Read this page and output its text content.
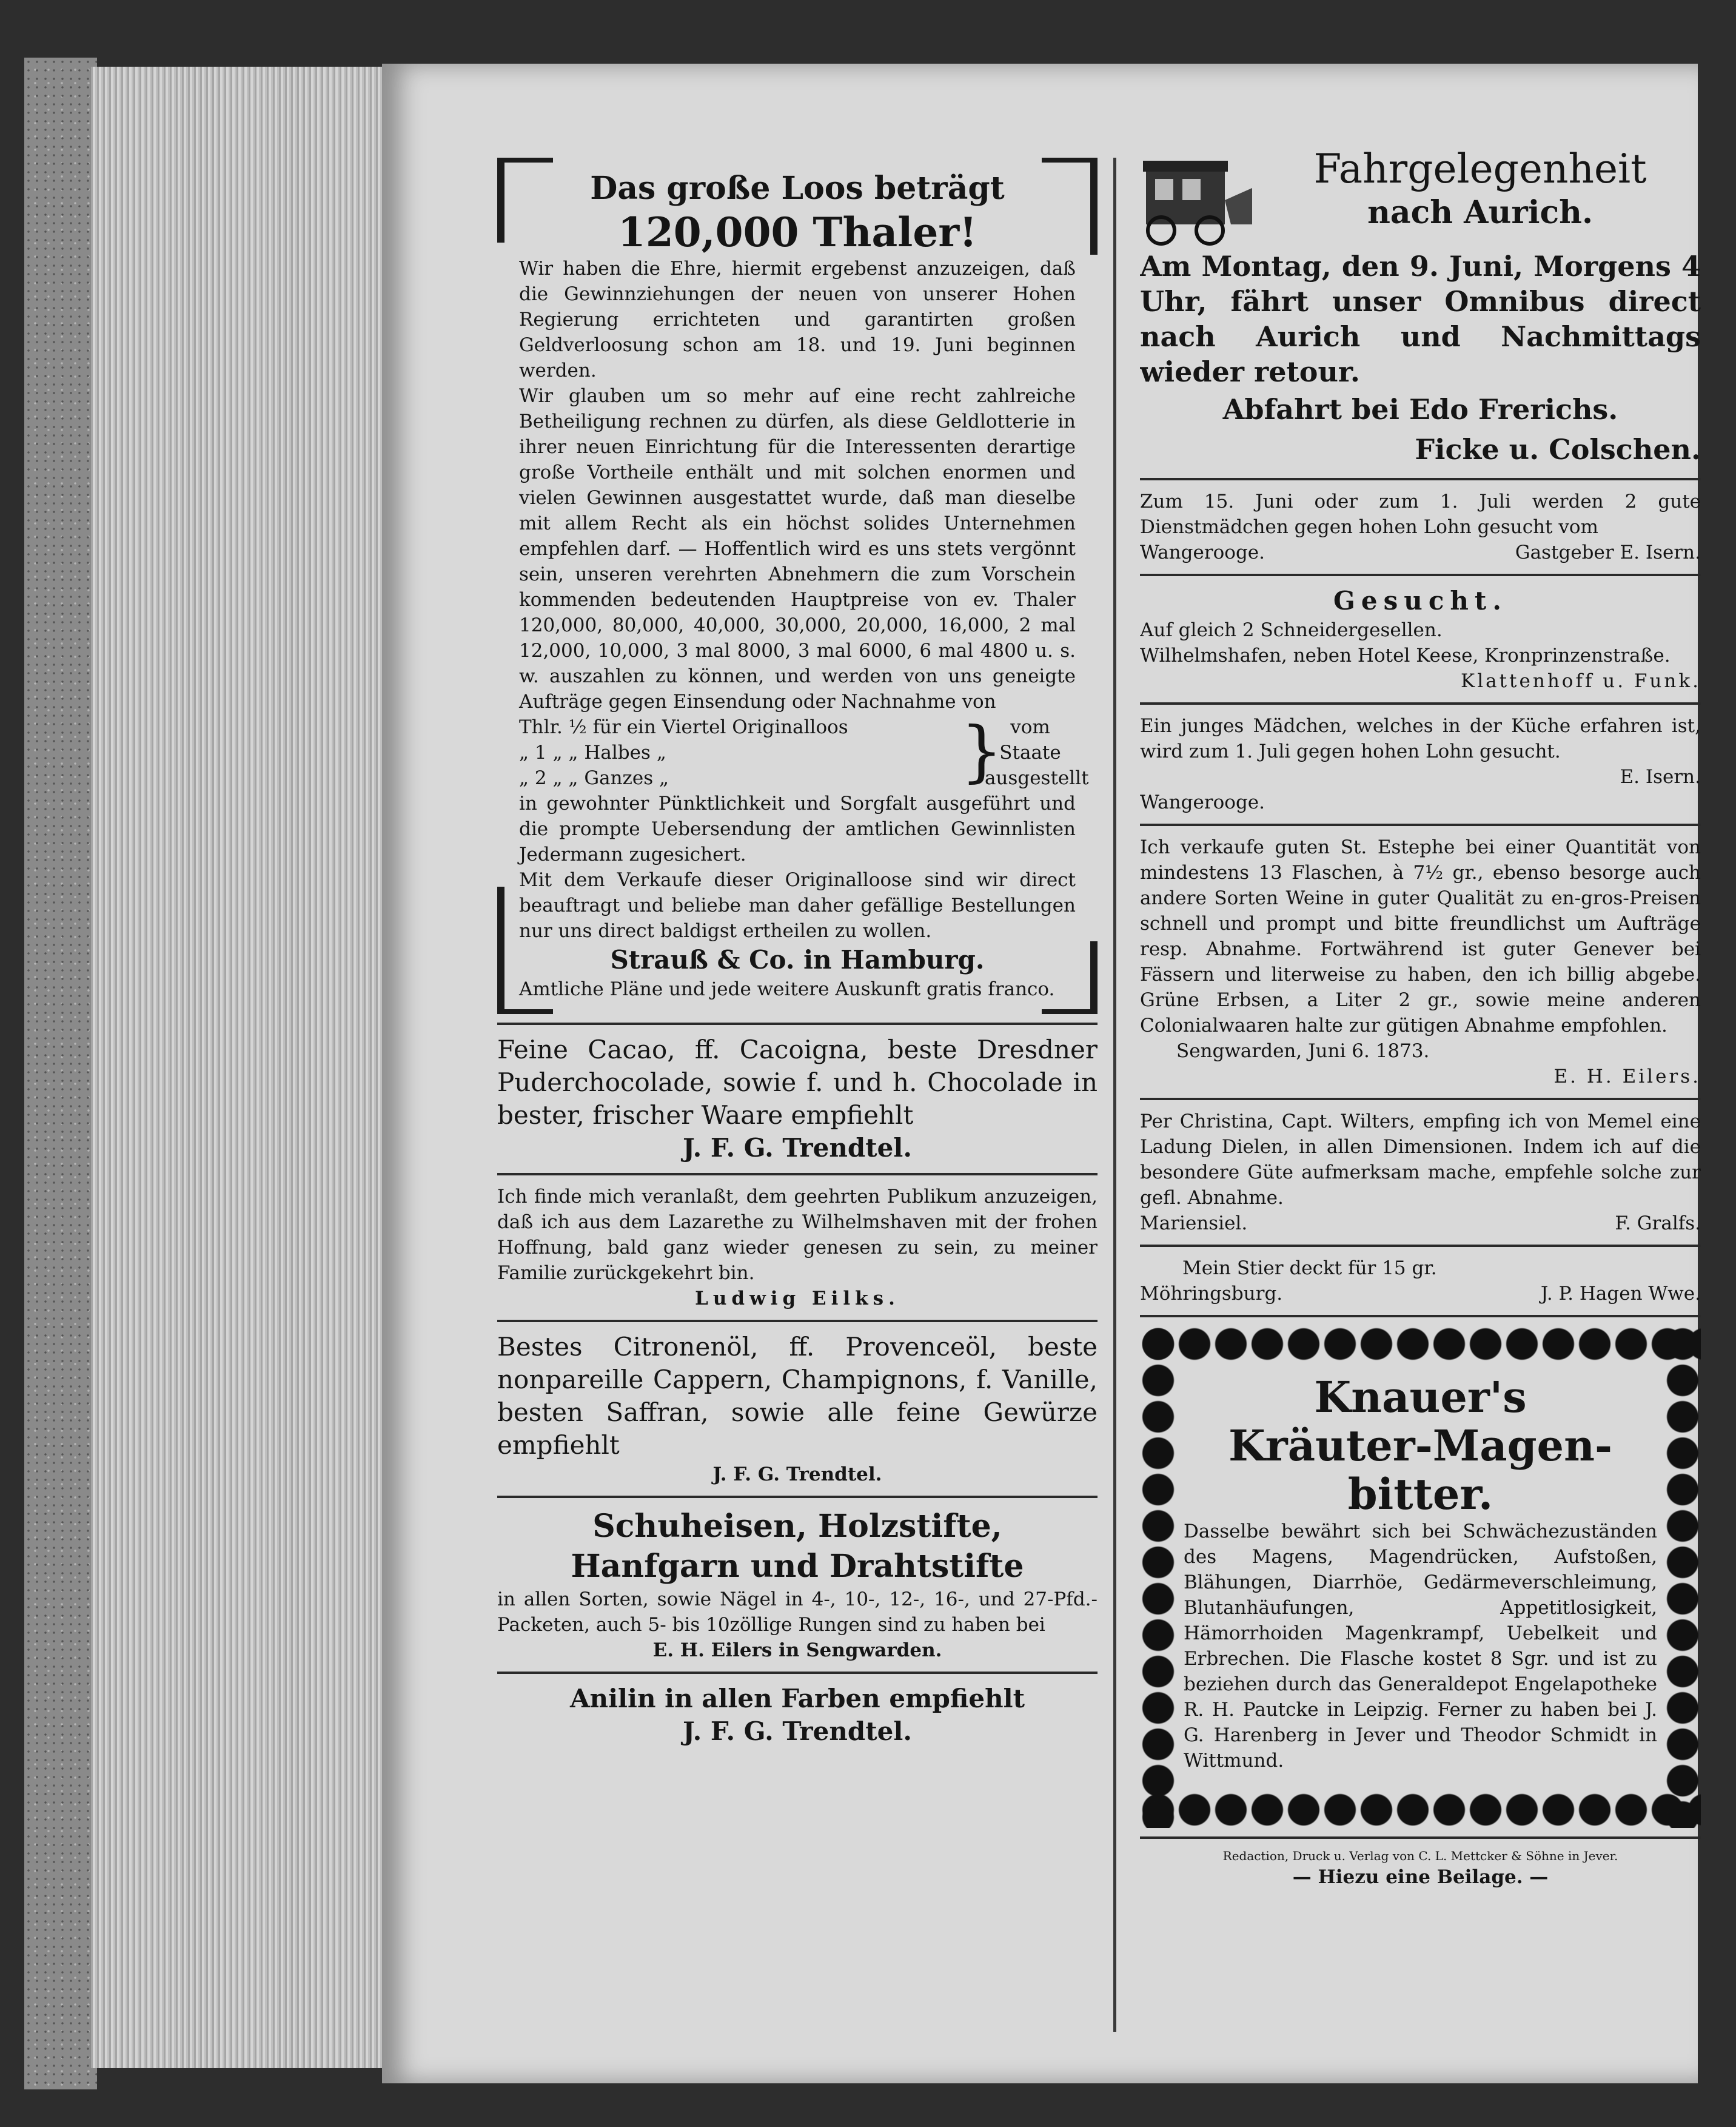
Das große Loos beträgt

120,000 Thaler!

Wir haben die Ehre, hiermit ergebenst anzuzeigen, daß die Gewinnziehungen der neuen von unserer Hohen Regierung errichteten und garantirten großen Geldverloosung schon am 18. und 19. Juni beginnen werden.

Wir glauben um so mehr auf eine recht zahlreiche Betheiligung rechnen zu dürfen, als diese Geldlotterie in ihrer neuen Einrichtung für die Interessenten derartige große Vortheile enthält und mit solchen enormen und vielen Gewinnen ausgestattet wurde, daß man dieselbe mit allem Recht als ein höchst solides Unternehmen empfehlen darf. — Hoffentlich wird es uns stets vergönnt sein, unseren verehrten Abnehmern die zum Vorschein kommenden bedeutenden Hauptpreise von ev. Thaler 120,000, 80,000, 40,000, 30,000, 20,000, 16,000, 2 mal 12,000, 10,000, 3 mal 8000, 3 mal 6000, 6 mal 4800 u. s. w. auszahlen zu können, und werden von uns geneigte Aufträge gegen Einsendung oder Nachnahme von

Thlr. ½ für ein Viertel Originalloos

„ 1 „ „ Halbes „

„ 2 „ „ Ganzes „	} vom Staate ausgestellt

in gewohnter Pünktlichkeit und Sorgfalt ausgeführt und die prompte Uebersendung der amtlichen Gewinnlisten Jedermann zugesichert.

Mit dem Verkaufe dieser Originalloose sind wir direct beauftragt und beliebe man daher gefällige Bestellungen nur uns direct baldigst ertheilen zu wollen.

Strauß & Co. in Hamburg.

Amtliche Pläne und jede weitere Auskunft gratis franco.

Feine Cacao, ff. Cacoigna, beste Dresdner Puderchocolade, sowie f. und h. Chocolade in bester, frischer Waare empfiehlt

J. F. G. Trendtel.

Ich finde mich veranlaßt, dem geehrten Publikum anzuzeigen, daß ich aus dem Lazarethe zu Wilhelmshaven mit der frohen Hoffnung, bald ganz wieder genesen zu sein, zu meiner Familie zurückgekehrt bin.

Ludwig Eilks.

Bestes Citronenöl, ff. Provenceöl, beste nonpareille Cappern, Champignons, f. Vanille, besten Saffran, sowie alle feine Gewürze empfiehlt

J. F. G. Trendtel.

Schuheisen, Holzstifte,

Hanfgarn und Drahtstifte

in allen Sorten, sowie Nägel in 4-, 10-, 12-, 16-, und 27-Pfd.-Packeten, auch 5- bis 10zöllige Rungen sind zu haben bei

E. H. Eilers in Sengwarden.

Anilin in allen Farben empfiehlt

J. F. G. Trendtel.

Fahrgelegenheit

nach Aurich.

Am Montag, den 9. Juni, Morgens 4 Uhr, fährt unser Omnibus direct nach Aurich und Nachmittags wieder retour.

Abfahrt bei Edo Frerichs.

Ficke u. Colschen.

Zum 15. Juni oder zum 1. Juli werden 2 gute Dienstmädchen gegen hohen Lohn gesucht vom

Wangerooge.	Gastgeber E. Isern.

Gesucht.

Auf gleich 2 Schneidergesellen.

Wilhelmshafen, neben Hotel Keese, Kronprinzenstraße.

Klattenhoff u. Funk.

Ein junges Mädchen, welches in der Küche erfahren ist, wird zum 1. Juli gegen hohen Lohn gesucht.

E. Isern.

Wangerooge.

Ich verkaufe guten St. Estephe bei einer Quantität von mindestens 13 Flaschen, à 7½ gr., ebenso besorge auch andere Sorten Weine in guter Qualität zu en-gros-Preisen schnell und prompt und bitte freundlichst um Aufträge resp. Abnahme. Fortwährend ist guter Genever bei Fässern und literweise zu haben, den ich billig abgebe. Grüne Erbsen, a Liter 2 gr., sowie meine anderen Colonialwaaren halte zur gütigen Abnahme empfohlen.

Sengwarden, Juni 6. 1873.

E. H. Eilers.

Per Christina, Capt. Wilters, empfing ich von Memel eine Ladung Dielen, in allen Dimensionen. Indem ich auf die besondere Güte aufmerksam mache, empfehle solche zur gefl. Abnahme.

Mariensiel.	F. Gralfs.

Mein Stier deckt für 15 gr.

Möhringsburg.	J. P. Hagen Wwe.

Knauer's

Kräuter-Magen-

bitter.

Dasselbe bewährt sich bei Schwächezuständen des Magens, Magendrücken, Aufstoßen, Blähungen, Diarrhöe, Gedärmeverschleimung, Blutanhäufungen, Appetitlosigkeit, Hämorrhoiden Magenkrampf, Uebelkeit und Erbrechen. Die Flasche kostet 8 Sgr. und ist zu beziehen durch das Generaldepot Engelapotheke R. H. Pautcke in Leipzig. Ferner zu haben bei J. G. Harenberg in Jever und Theodor Schmidt in Wittmund.

Redaction, Druck u. Verlag von C. L. Mettcker & Söhne in Jever.

— Hiezu eine Beilage. —
